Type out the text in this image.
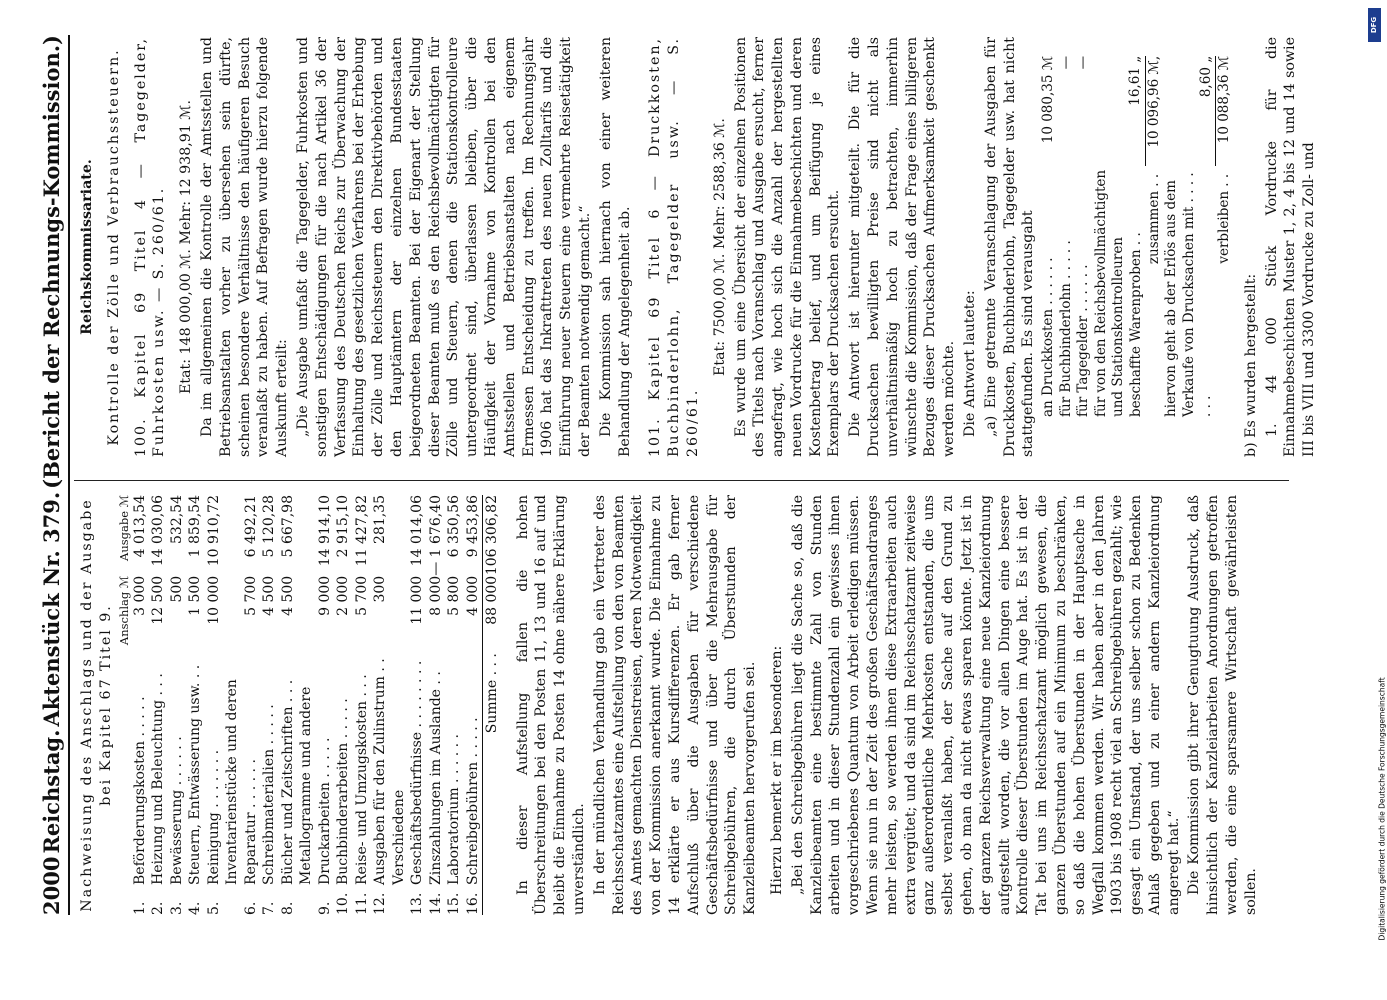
2000
Reichstag.
Aktenstück Nr. 379.
(Bericht der Rechnungs-Kommission.)

Nachweisung des Anschlags und der Ausgabe bei Kapitel 67 Titel 9.

		Anschlag ℳ	Ausgabe ℳ
1.	Beförderungskosten . . . . .	3 000	4 013,54
2.	Heizung und Beleuchtung . . .	12 500	14 030,06
3.	Bewässerung . . . . . .	500	532,54
4.	Steuern, Entwässerung usw. . .	1 500	1 859,54
5.	Reinigung . . . . . . .	10 000	10 910,72
6.	Inventarienstücke und deren Reparatur . . . . . .	5 700	6 492,21
7.	Schreibmaterialien . . . . .	4 500	5 120,28
8.	Bücher und Zeitschriften . . .	4 500	5 667,98
9.	Metallogramme und andere Druckarbeiten . . . . .	9 000	14 914,10
10.	Buchbinderarbeiten . . . . .	2 000	2 915,10
11.	Reise- und Umzugskosten . . .	5 700	11 427,82
12.	Ausgaben für den Zulinstrum . .	300	281,35
13.	Verschiedene Geschäftsbedürfnisse . . . . . . . .	11 000	14 014,06
14.	Zinszahlungen im Auslande . .	8 000	— 1 676,40
15.	Laboratorium . . . . . .	5 800	6 350,56
16.	Schreibgebühren . . . . .	4 000	9 453,86
	Summe . . .	88 000	106 306,82 In dieser Aufstellung fallen die hohen Überschreitungen bei den Posten 11, 13 und 16 auf und bleibt die Einnahme zu Posten 14 ohne nähere Erklärung unverständlich. In der mündlichen Verhandlung gab ein Vertreter des Reichsschatzamtes eine Aufstellung von den von Beamten des Amtes gemachten Dienstreisen, deren Notwendigkeit von der Kommission anerkannt wurde. Die Einnahme zu 14 erklärte er aus Kursdifferenzen. Er gab ferner Aufschluß über die Ausgaben für verschiedene Geschäftsbedürfnisse und über die Mehrausgabe für Schreibgebühren, die durch Überstunden der Kanzleibeamten hervorgerufen sei. Hierzu bemerkt er im besonderen: „Bei den Schreibgebühren liegt die Sache so, daß die Kanzleibeamten eine bestimmte Zahl von Stunden arbeiten und in dieser Stundenzahl ein gewisses ihnen vorgeschriebenes Quantum von Arbeit erledigen müssen. Wenn sie nun in der Zeit des großen Geschäftsandranges mehr leisten, so werden ihnen diese Extraarbeiten auch extra vergütet; und da sind im Reichsschatzamt zeitweise ganz außerordentliche Mehrkosten entstanden, die uns selbst veranlaßt haben, der Sache auf den Grund zu gehen, ob man da nicht etwas sparen könnte. Jetzt ist in der ganzen Reichsverwaltung eine neue Kanzleiordnung aufgestellt worden, die vor allen Dingen eine bessere Kontrolle dieser Überstunden im Auge hat. Es ist in der Tat bei uns im Reichsschatzamt möglich gewesen, die ganzen Überstunden auf ein Minimum zu beschränken, so daß die hohen Überstunden in der Hauptsache in Wegfall kommen werden. Wir haben aber in den Jahren 1903 bis 1908 recht viel an Schreibgebühren gezahlt; wie gesagt ein Umstand, der uns selber schon zu Bedenken Anlaß gegeben und zu einer andern Kanzleiordnung angeregt hat.“ Die Kommission gibt ihrer Genugtuung Ausdruck, daß hinsichtlich der Kanzleiarbeiten Anordnungen getroffen werden, die eine sparsamere Wirtschaft gewährleisten sollen.

Reichskommissariate. Kontrolle der Zölle und Verbrauchssteuern. 100. Kapitel 69 Titel 4 — Tagegelder, Fuhrkosten usw. — S. 260/61. Etat: 148 000,00 ℳ. Mehr: 12 938,91 ℳ. Da im allgemeinen die Kontrolle der Amtsstellen und Betriebsanstalten vorher zu übersehen sein dürfte, scheinen besondere Verhältnisse den häufigeren Besuch veranlaßt zu haben. Auf Befragen wurde hierzu folgende Auskunft erteilt: „Die Ausgabe umfaßt die Tagegelder, Fuhrkosten und sonstigen Entschädigungen für die nach Artikel 36 der Verfassung des Deutschen Reichs zur Überwachung der Einhaltung des gesetzlichen Verfahrens bei der Erhebung der Zölle und Reichssteuern den Direktivbehörden und den Hauptämtern der einzelnen Bundesstaaten beigeordneten Beamten. Bei der Eigenart der Stellung dieser Beamten muß es den Reichsbevollmächtigten für Zölle und Steuern, denen die Stationskontrolleure untergeordnet sind, überlassen bleiben, über die Häufigkeit der Vornahme von Kontrollen bei den Amtsstellen und Betriebsanstalten nach eigenem Ermessen Entscheidung zu treffen. Im Rechnungsjahr 1906 hat das Inkrafttreten des neuen Zolltarifs und die Einführung neuer Steuern eine vermehrte Reisetätigkeit der Beamten notwendig gemacht.“ Die Kommission sah hiernach von einer weiteren Behandlung der Angelegenheit ab. 101. Kapitel 69 Titel 6 — Druckkosten, Buchbinderlohn, Tagegelder usw. — S. 260/61.

Etat: 7500,00 ℳ. Mehr: 2588,36 ℳ. Es wurde um eine Übersicht der einzelnen Positionen des Titels nach Voranschlag und Ausgabe ersucht, ferner angefragt, wie hoch sich die Anzahl der hergestellten neuen Vordrucke für die Einnahmebeschichten und deren Kostenbetrag belief, und um Beifügung je eines Exemplars der Drucksachen ersucht. Die Antwort ist hierunter mitgeteilt. Die für die Drucksachen bewilligten Preise sind nicht als unverhältnismäßig hoch zu betrachten, immerhin wünschte die Kommission, daß der Frage eines billigeren Bezuges dieser Drucksachen Aufmerksamkeit geschenkt werden möchte. Die Antwort lautete: „a) Eine getrennte Veranschlagung der Ausgaben für Druckkosten, Buchbinderlohn, Tagegelder usw. hat nicht stattgefunden. Es sind verausgabt an Druckkosten . . . . . .	10 080,35 ℳ
für Buchbinderlohn . . . . .	—
für Tagegelder . . . . . .	—
für von den Reichsbevollmächtigten und Stationskontrolleuren beschaffte Warenproben . .	16,61 „
zusammen . .	10 096,96 ℳ,
hiervon geht ab der Erlös aus dem Verkaufe von Drucksachen mit . . . . . . .	8,60 „
verbleiben . .	10 088,36 ℳ

b) Es wurden hergestellt: 1. 44 000 Stück Vordrucke für die Einnahmebeschichten Muster 1, 2, 4 bis 12 und 14 sowie III bis VIII und 3300 Vordrucke zu Zoll- und

DFG
Digitalisierung gefördert durch die Deutsche Forschungsgemeinschaft
